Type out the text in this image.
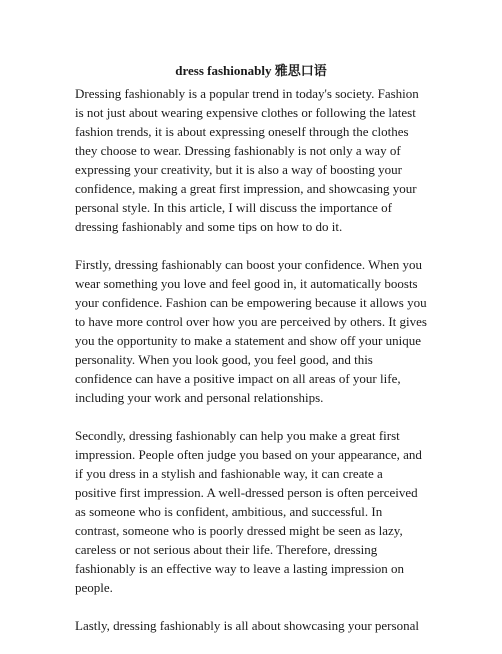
dress fashionably 雅思口语

Dressing fashionably is a popular trend in today's society. Fashion is not just about wearing expensive clothes or following the latest fashion trends, it is about expressing oneself through the clothes they choose to wear. Dressing fashionably is not only a way of expressing your creativity, but it is also a way of boosting your confidence, making a great first impression, and showcasing your personal style. In this article, I will discuss the importance of dressing fashionably and some tips on how to do it.

Firstly, dressing fashionably can boost your confidence. When you wear something you love and feel good in, it automatically boosts your confidence. Fashion can be empowering because it allows you to have more control over how you are perceived by others. It gives you the opportunity to make a statement and show off your unique personality. When you look good, you feel good, and this confidence can have a positive impact on all areas of your life, including your work and personal relationships.

Secondly, dressing fashionably can help you make a great first impression. People often judge you based on your appearance, and if you dress in a stylish and fashionable way, it can create a positive first impression. A well-dressed person is often perceived as someone who is confident, ambitious, and successful. In contrast, someone who is poorly dressed might be seen as lazy, careless or not serious about their life. Therefore, dressing fashionably is an effective way to leave a lasting impression on people.

Lastly, dressing fashionably is all about showcasing your personal
